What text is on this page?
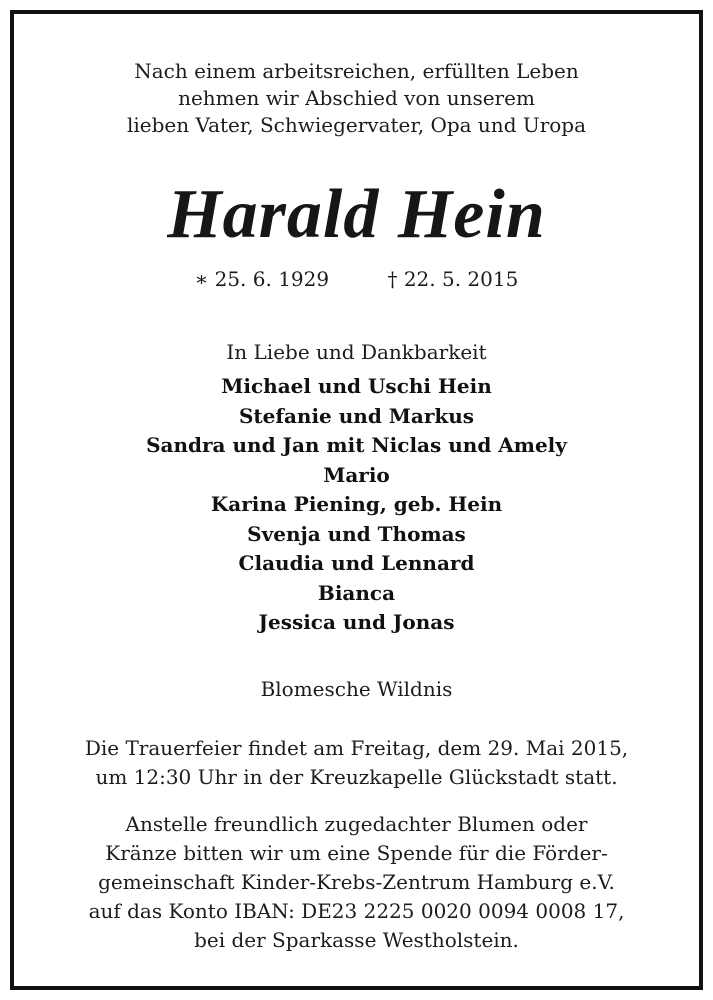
Nach einem arbeitsreichen, erfüllten Leben
nehmen wir Abschied von unserem
lieben Vater, Schwiegervater, Opa und Uropa
Harald Hein
∗ 25. 6. 1929	† 22. 5. 2015
In Liebe und Dankbarkeit
Michael und Uschi Hein
Stefanie und Markus
Sandra und Jan mit Niclas und Amely
Mario
Karina Piening, geb. Hein
Svenja und Thomas
Claudia und Lennard
Bianca
Jessica und Jonas
Blomesche Wildnis
Die Trauerfeier findet am Freitag, dem 29. Mai 2015,
um 12:30 Uhr in der Kreuzkapelle Glückstadt statt.
Anstelle freundlich zugedachter Blumen oder
Kränze bitten wir um eine Spende für die Förder-
gemeinschaft Kinder-Krebs-Zentrum Hamburg e.V.
auf das Konto IBAN: DE23 2225 0020 0094 0008 17,
bei der Sparkasse Westholstein.
